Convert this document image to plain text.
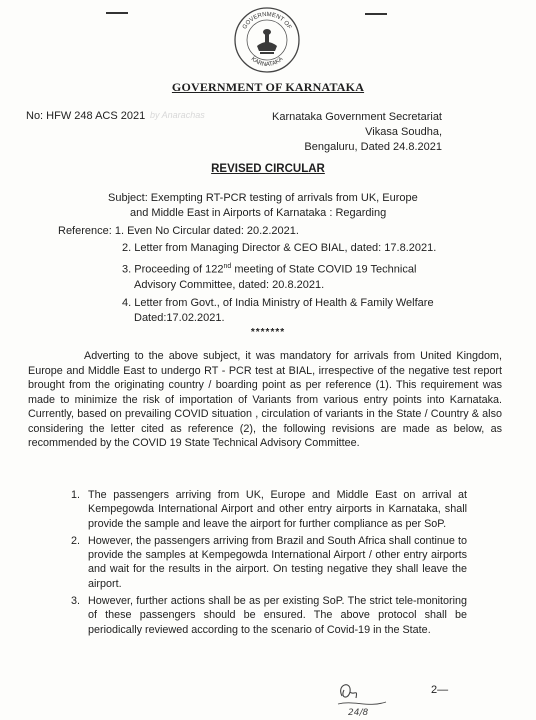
GOVERNMENT OF
KARNATAKA
GOVERNMENT OF KARNATAKA
No: HFW 248 ACS 2021 by Anarachas	Karnataka Government Secretariat
Vikasa Soudha,
Bengaluru, Dated 24.8.2021
REVISED CIRCULAR
Subject: Exempting RT-PCR testing of arrivals from UK, Europe
and Middle East in Airports of Karnataka : Regarding
Reference: 1. Even No Circular dated: 20.2.2021.
2. Letter from Managing Director & CEO BIAL, dated: 17.8.2021.
3. Proceeding of 122nd meeting of State COVID 19 Technical
Advisory Committee, dated: 20.8.2021.
4. Letter from Govt., of India Ministry of Health & Family Welfare
Dated:17.02.2021.
*******
Adverting to the above subject, it was mandatory for arrivals from United Kingdom, Europe and Middle East to undergo RT - PCR test at BIAL, irrespective of the negative test report brought from the originating country / boarding point as per reference (1). This requirement was made to minimize the risk of importation of Variants from various entry points into Karnataka. Currently, based on prevailing COVID situation , circulation of variants in the State / Country & also considering the letter cited as reference (2), the following revisions are made as below, as recommended by the COVID 19 State Technical Advisory Committee.
1. The passengers arriving from UK, Europe and Middle East on arrival at Kempegowda International Airport and other entry airports in Karnataka, shall provide the sample and leave the airport for further compliance as per SoP.
2. However, the passengers arriving from Brazil and South Africa shall continue to provide the samples at Kempegowda International Airport / other entry airports and wait for the results in the airport. On testing negative they shall leave the airport.
3. However, further actions shall be as per existing SoP. The strict tele-monitoring of these passengers should be ensured. The above protocol shall be periodically reviewed according to the scenario of Covid-19 in the State.
24/8
2—
